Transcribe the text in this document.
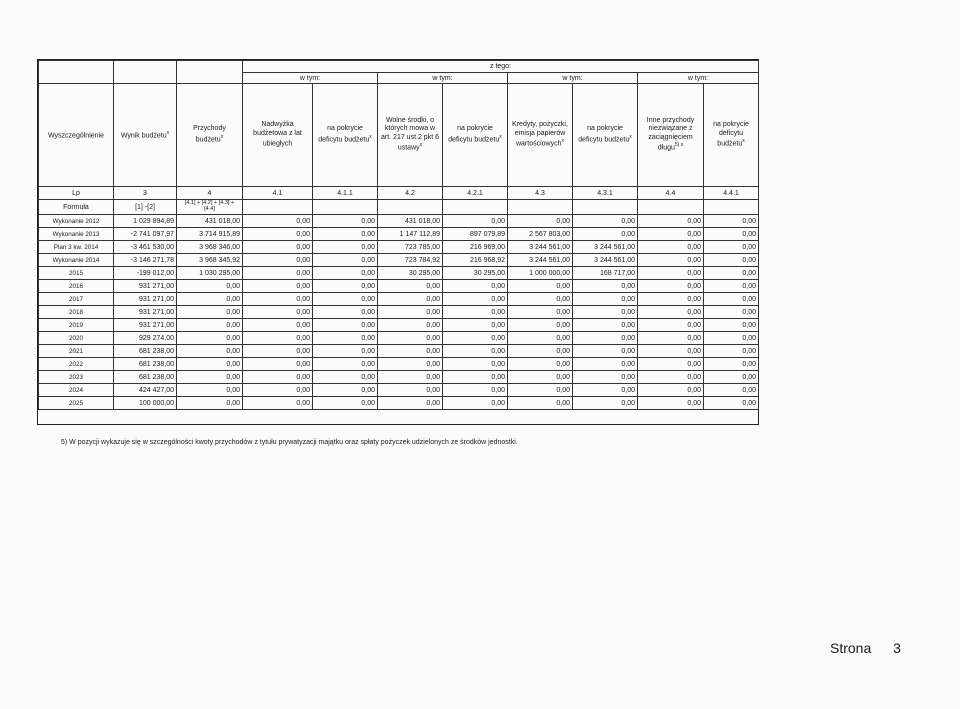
			z tego:							
			w tym:		w tym:		w tym:		w tym:	
Wyszczególnienie	Wynik budżetu$^x$	Przychody budżetu$^x$	Nadwyżka budżetowa z lat ubiegłych	na pokrycie deficytu budżetu$^x$	Wolne środki, o których mowa w art. 217 ust.2 pkt 6 ustawy$^x$	na pokrycie deficytu budżetu$^x$	Kredyty, pożyczki, emisja papierów wartościowych$^x$	na pokrycie deficytu budżetu$^x$	Inne przychody niezwiązane z zaciągnięciem długu$^{5) x}$	na pokrycie deficytu budżetu$^x$
Lp	3	4	4.1	4.1.1	4.2	4.2.1	4.3	4.3.1	4.4	4.4.1
Formuła	[1] -[2]	[4.1] + [4.2] + [4.3] + [4.4]								
Wykonanie 2012	1 029 894,89	431 018,00	0,00	0,00	431 018,00	0,00	0,00	0,00	0,00	0,00
Wykonanie 2013	-2 741 097,97	3 714 915,89	0,00	0,00	1 147 112,89	897 079,89	2 567 803,00	0,00	0,00	0,00
Plan 3 kw. 2014	-3 461 530,00	3 968 346,00	0,00	0,00	723 785,00	216 969,00	3 244 561,00	3 244 561,00	0,00	0,00
Wykonanie 2014	-3 146 271,78	3 968 345,92	0,00	0,00	723 784,92	216 968,92	3 244 561,00	3 244 561,00	0,00	0,00
2015	-199 012,00	1 030 295,00	0,00	0,00	30 295,00	30 295,00	1 000 000,00	168 717,00	0,00	0,00
2016	931 271,00	0,00	0,00	0,00	0,00	0,00	0,00	0,00	0,00	0,00
2017	931 271,00	0,00	0,00	0,00	0,00	0,00	0,00	0,00	0,00	0,00
2018	931 271,00	0,00	0,00	0,00	0,00	0,00	0,00	0,00	0,00	0,00
2019	931 271,00	0,00	0,00	0,00	0,00	0,00	0,00	0,00	0,00	0,00
2020	929 274,00	0,00	0,00	0,00	0,00	0,00	0,00	0,00	0,00	0,00
2021	681 238,00	0,00	0,00	0,00	0,00	0,00	0,00	0,00	0,00	0,00
2022	681 238,00	0,00	0,00	0,00	0,00	0,00	0,00	0,00	0,00	0,00
2023	681 238,00	0,00	0,00	0,00	0,00	0,00	0,00	0,00	0,00	0,00
2024	424 427,00	0,00	0,00	0,00	0,00	0,00	0,00	0,00	0,00	0,00
2025	100 000,00	0,00	0,00	0,00	0,00	0,00	0,00	0,00	0,00	0,00
5) W pozycji wykazuje się w szczególności kwoty przychodów z tytułu prywatyzacji majątku oraz spłaty pożyczek udzielonych ze środków jednostki.
Strona 3
